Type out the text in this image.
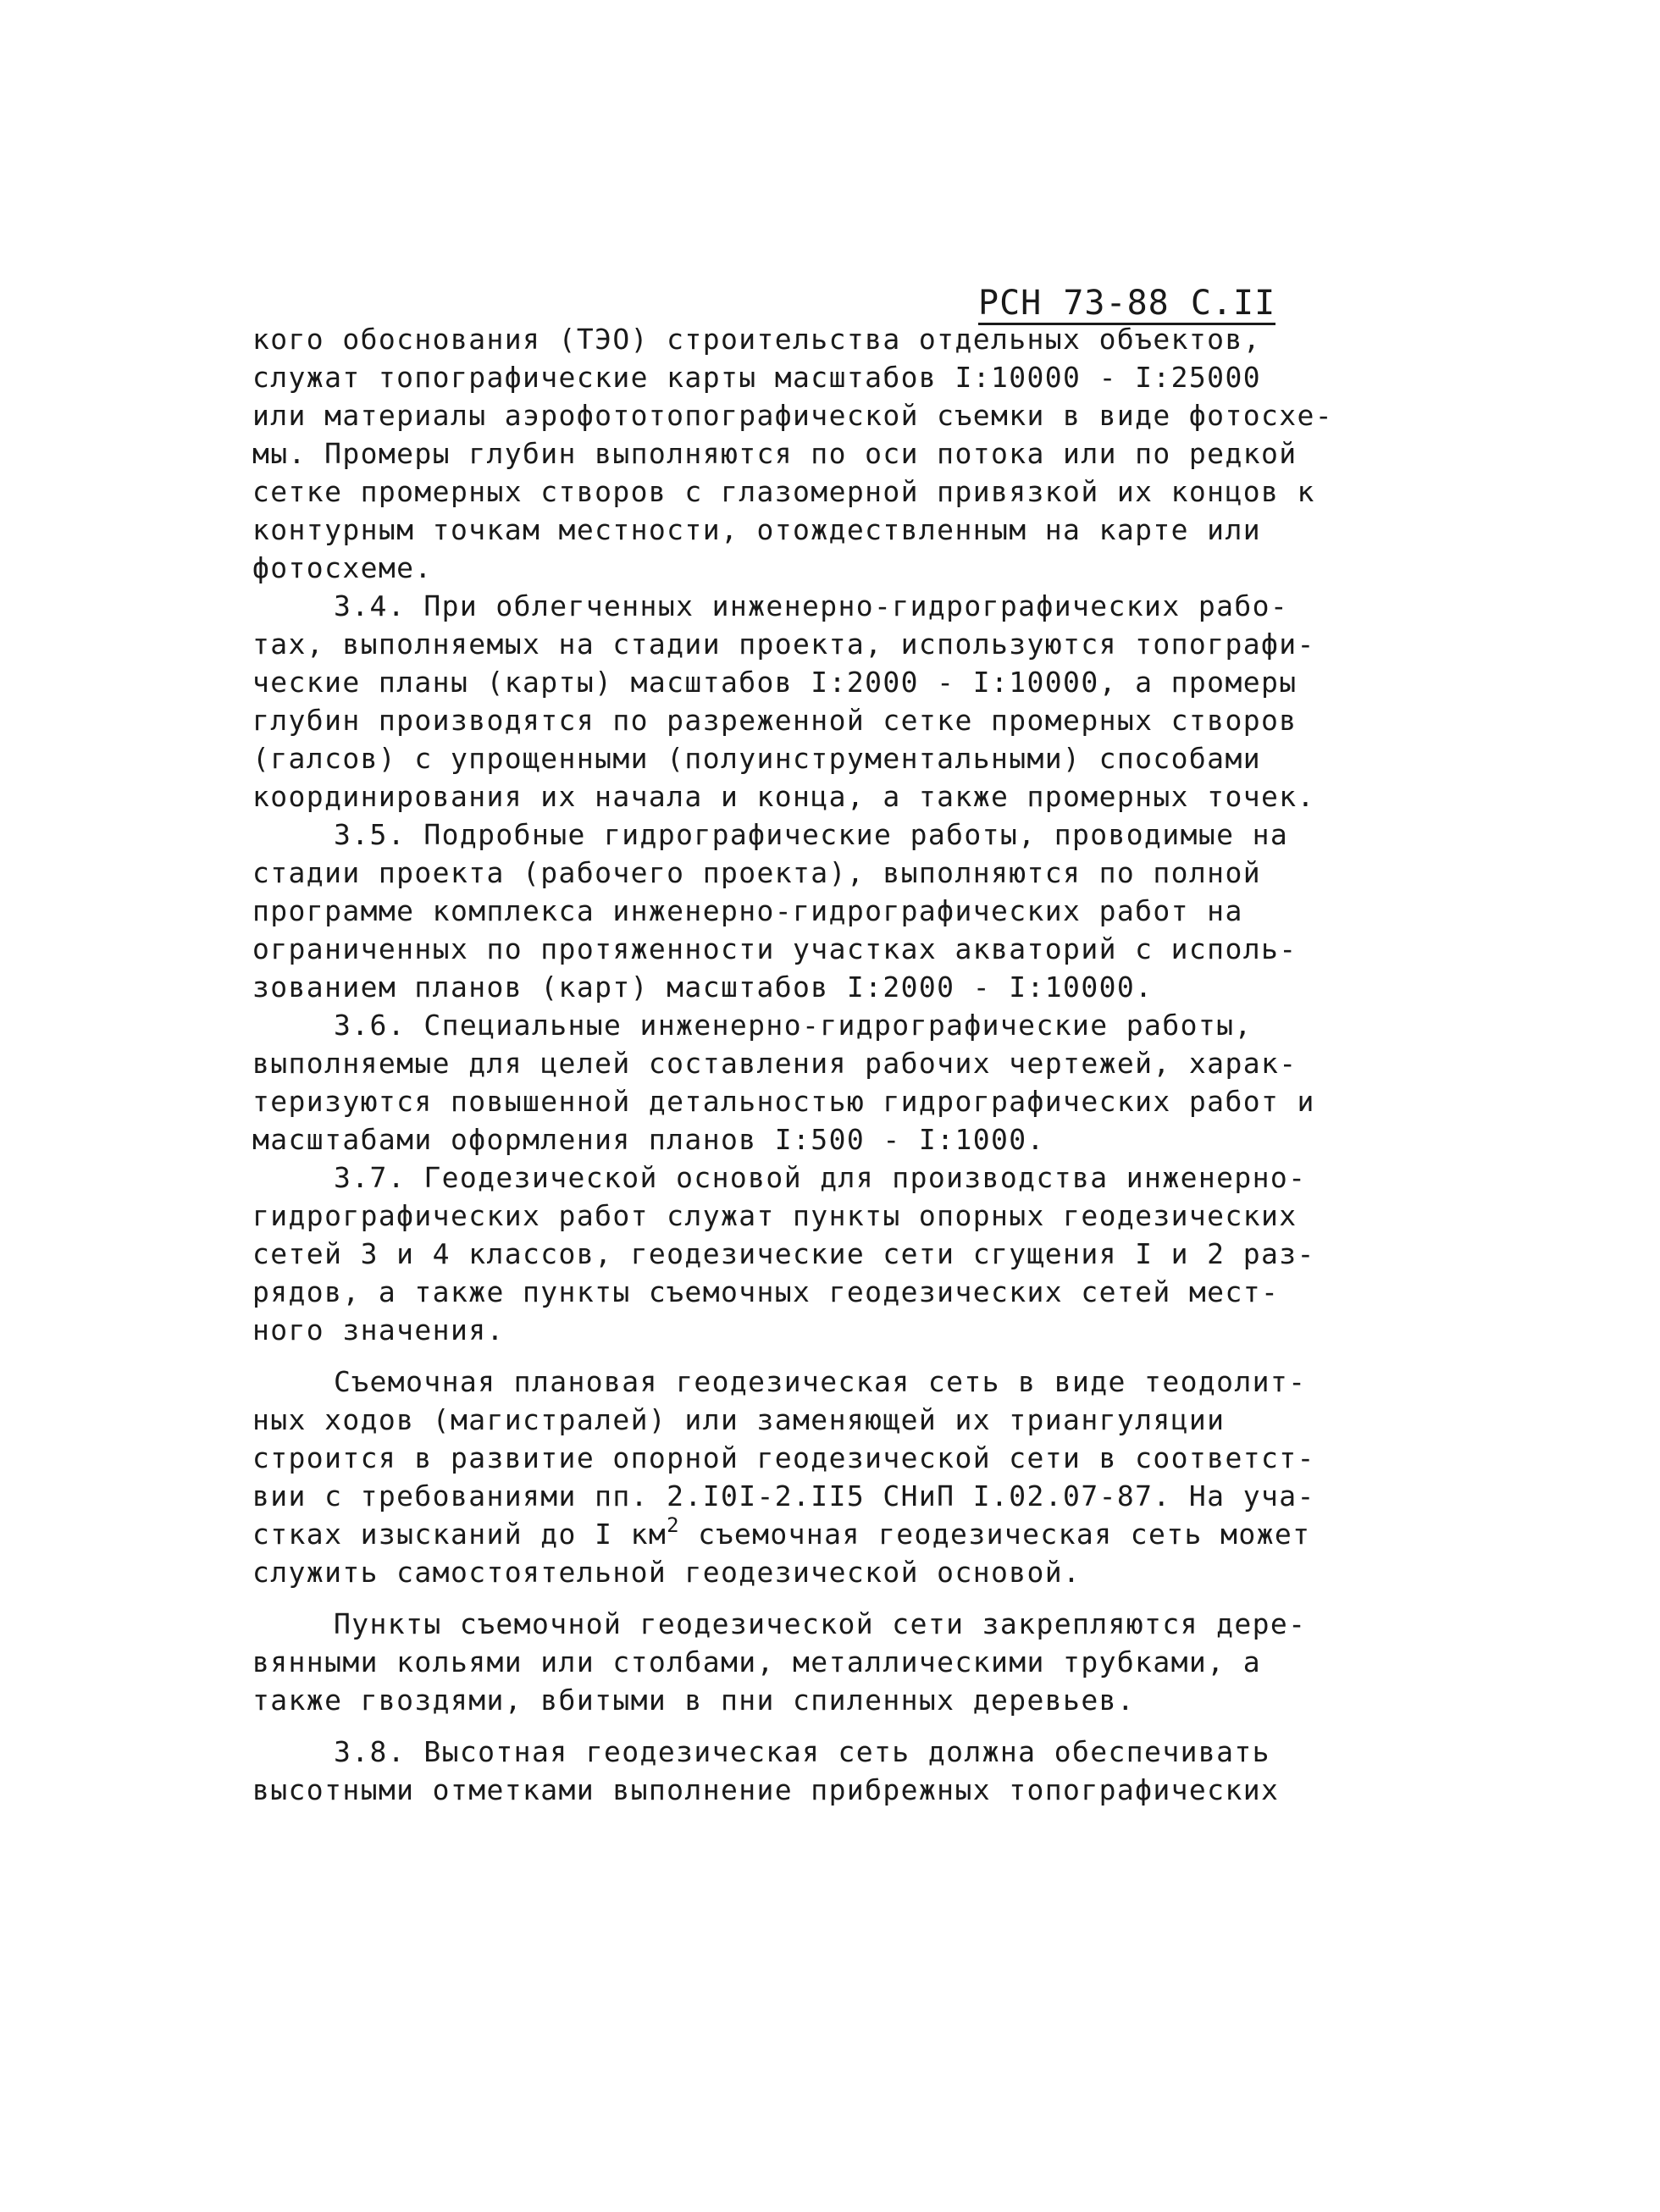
РСН 73-88 С.II
кого обоснования (ТЭО) строительства отдельных объектов,
служат топографические карты масштабов I:10000 - I:25000
или материалы аэрофототопографической съемки в виде фотосхе-
мы. Промеры глубин выполняются по оси потока или по редкой
сетке промерных створов с глазомерной привязкой их концов к
контурным точкам местности, отождествленным на карте или
фотосхеме.
3.4. При облегченных инженерно-гидрографических рабо-
тах, выполняемых на стадии проекта, используются топографи-
ческие планы (карты) масштабов I:2000 - I:10000, а промеры
глубин производятся по разреженной сетке промерных створов
(галсов) с упрощенными (полуинструментальными) способами
координирования их начала и конца, а также промерных точек.
3.5. Подробные гидрографические работы, проводимые на
стадии проекта (рабочего проекта), выполняются по полной
программе комплекса инженерно-гидрографических работ на
ограниченных по протяженности участках акваторий с исполь-
зованием планов (карт) масштабов I:2000 - I:10000.
3.6. Специальные инженерно-гидрографические работы,
выполняемые для целей составления рабочих чертежей, харак-
теризуются повышенной детальностью гидрографических работ и
масштабами оформления планов I:500 - I:1000.
3.7. Геодезической основой для производства инженерно-
гидрографических работ служат пункты опорных геодезических
сетей 3 и 4 классов, геодезические сети сгущения I и 2 раз-
рядов, а также пункты съемочных геодезических сетей мест-
ного значения.
Съемочная плановая геодезическая сеть в виде теодолит-
ных ходов (магистралей) или заменяющей их триангуляции
строится в развитие опорной геодезической сети в соответст-
вии с требованиями пп. 2.I0I-2.II5 СНиП I.02.07-87. На уча-
стках изысканий до I $км^2$ съемочная геодезическая сеть может
служить самостоятельной геодезической основой.
Пункты съемочной геодезической сети закрепляются дере-
вянными кольями или столбами, металлическими трубками, а
также гвоздями, вбитыми в пни спиленных деревьев.
3.8. Высотная геодезическая сеть должна обеспечивать
высотными отметками выполнение прибрежных топографических
